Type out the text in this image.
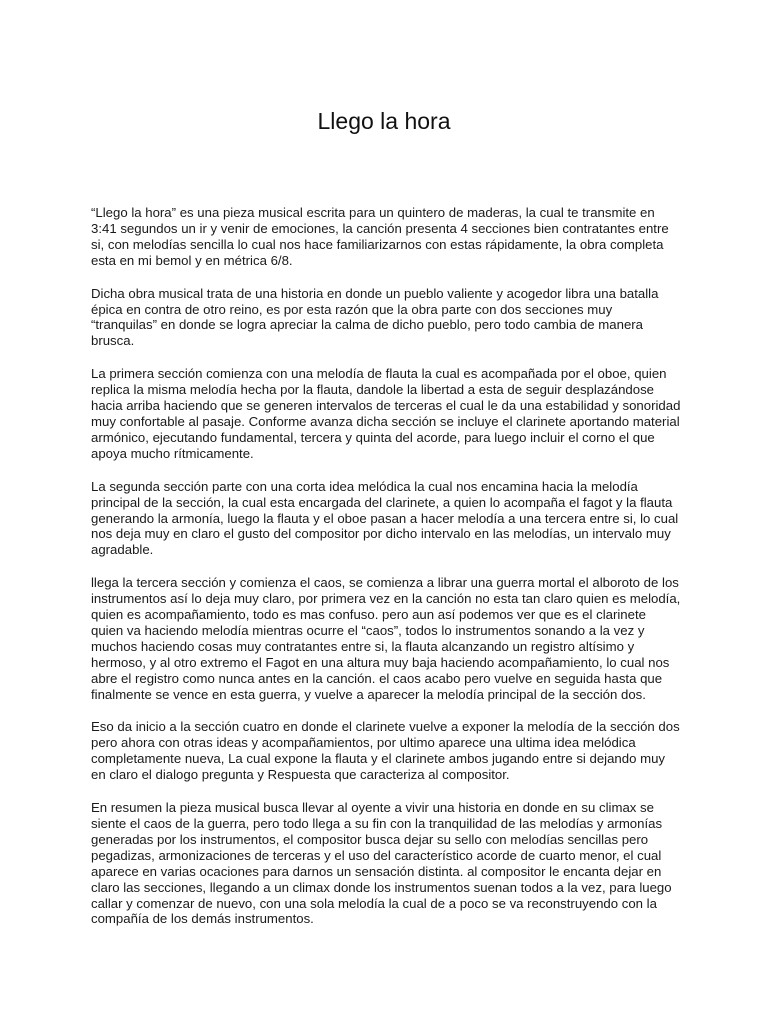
Llego la hora

“Llego la hora” es una pieza musical escrita para un quintero de maderas, la cual te transmite en 3:41 segundos un ir y venir de emociones, la canción presenta 4 secciones bien contratantes entre si, con melodías sencilla lo cual nos hace familiarizarnos con estas rápidamente, la obra completa esta en mi bemol y en métrica 6/8.

Dicha obra musical trata de una historia en donde un pueblo valiente y acogedor libra una batalla épica en contra de otro reino, es por esta razón que la obra parte con dos secciones muy “tranquilas” en donde se logra apreciar la calma de dicho pueblo, pero todo cambia de manera brusca.

La primera sección comienza con una melodía de flauta la cual es acompañada por el oboe, quien replica la misma melodía hecha por la flauta, dandole la libertad a esta de seguir desplazándose hacia arriba haciendo que se generen intervalos de terceras el cual le da una estabilidad y sonoridad muy confortable al pasaje. Conforme avanza dicha sección se incluye el clarinete aportando material armónico, ejecutando fundamental, tercera y quinta del acorde, para luego incluir el corno el que apoya mucho rítmicamente.

La segunda sección parte con una corta idea melódica la cual nos encamina hacia la melodía principal de la sección, la cual esta encargada del clarinete, a quien lo acompaña el fagot y la flauta generando la armonía, luego la flauta y el oboe pasan a hacer melodía a una tercera entre si, lo cual nos deja muy en claro el gusto del compositor por dicho intervalo en las melodías, un intervalo muy agradable.

llega la tercera sección y comienza el caos, se comienza a librar una guerra mortal el alboroto de los instrumentos así lo deja muy claro, por primera vez en la canción no esta tan claro quien es melodía, quien es acompañamiento, todo es mas confuso. pero aun así podemos ver que es el clarinete quien va haciendo melodía mientras ocurre el “caos”, todos lo instrumentos sonando a la vez y muchos haciendo cosas muy contratantes entre si, la flauta alcanzando un registro altísimo y hermoso, y al otro extremo el Fagot en una altura muy baja haciendo acompañamiento, lo cual nos abre el registro como nunca antes en la canción. el caos acabo pero vuelve en seguida hasta que finalmente se vence en esta guerra, y vuelve a aparecer la melodía principal de la sección dos.

Eso da inicio a la sección cuatro en donde el clarinete vuelve a exponer la melodía de la sección dos pero ahora con otras ideas y acompañamientos, por ultimo aparece una ultima idea melódica completamente nueva, La cual expone la flauta y el clarinete ambos jugando entre si dejando muy en claro el dialogo pregunta y Respuesta que caracteriza al compositor.

En resumen la pieza musical busca llevar al oyente a vivir una historia en donde en su climax se siente el caos de la guerra, pero todo llega a su fin con la tranquilidad de las melodías y armonías generadas por los instrumentos, el compositor busca dejar su sello con melodías sencillas pero pegadizas, armonizaciones de terceras y el uso del característico acorde de cuarto menor, el cual aparece en varias ocaciones para darnos un sensación distinta. al compositor le encanta dejar en claro las secciones, llegando a un climax donde los instrumentos suenan todos a la vez, para luego callar y comenzar de nuevo, con una sola melodía la cual de a poco se va reconstruyendo con la compañía de los demás instrumentos.
